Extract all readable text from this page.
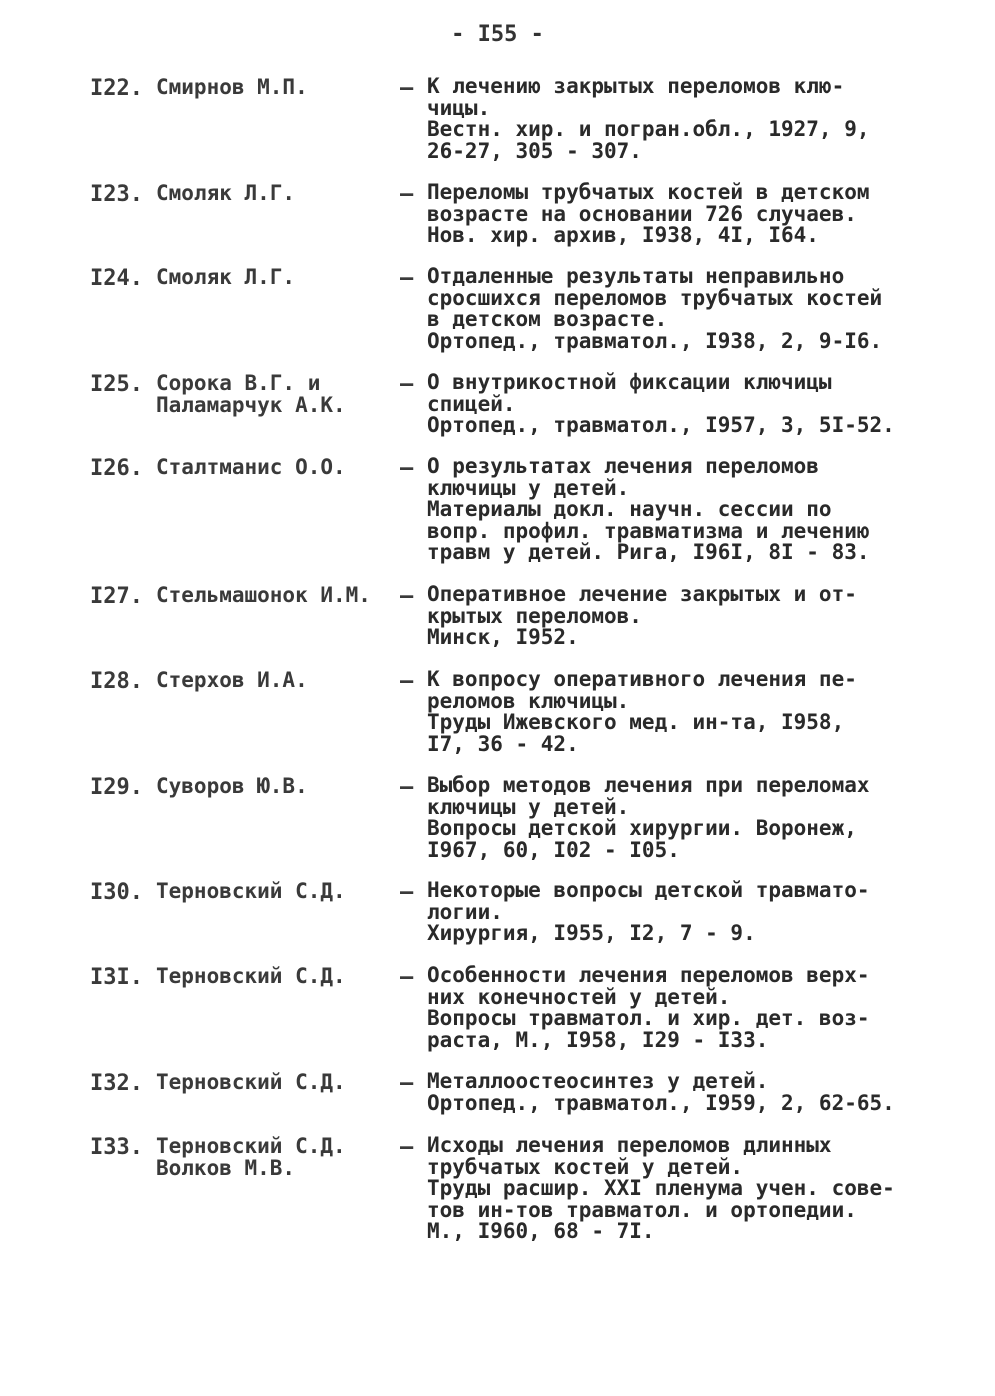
- I55 -
I22. Смирнов М.П.	– К лечению закрытых переломов клю-
чицы.
Вестн. хир. и погран.обл., 1927, 9,
26-27, 305 - 307.
I23. Смоляк Л.Г.	– Переломы трубчатых костей в детском
возрасте на основании 726 случаев.
Нов. хир. архив, I938, 4I, I64.
I24. Смоляк Л.Г.	– Отдаленные результаты неправильно
сросшихся переломов трубчатых костей
в детском возрасте.
Ортопед., травматол., I938, 2, 9-I6.
I25. Сорока В.Г. и
Паламарчук А.К.
– О внутрикостной фиксации ключицы
спицей.
Ортопед., травматол., I957, 3, 5I-52.
I26. Сталтманис О.О. – О результатах лечения переломов
ключицы у детей.
Материалы докл. научн. сессии по
вопр. профил. травматизма и лечению
травм у детей. Рига, I96I, 8I - 83.
I27. Стельмашонок И.М. – Оперативное лечение закрытых и от-
крытых переломов.
Минск, I952.
I28. Стерхов И.А.	– К вопросу оперативного лечения пе-
реломов ключицы.
Труды Ижевского мед. ин-та, I958,
I7, 36 - 42.
I29. Суворов Ю.В.	– Выбор методов лечения при переломах
ключицы у детей.
Вопросы детской хирургии. Воронеж,
I967, 60, I02 - I05.
I30. Терновский С.Д. – Некоторые вопросы детской травмато-
логии.
Хирургия, I955, I2, 7 - 9.
I3I. Терновский С.Д. – Особенности лечения переломов верх-
них конечностей у детей.
Вопросы травматол. и хир. дет. воз-
раста, М., I958, I29 - I33.
I32. Терновский С.Д. – Металлоостеосинтез у детей.
Ортопед., травматол., I959, 2, 62-65.
I33. Терновский С.Д.
Волков М.В.
– Исходы лечения переломов длинных
трубчатых костей у детей.
Труды расшир. XXI пленума учен. сове-
тов ин-тов травматол. и ортопедии.
М., I960, 68 - 7I.
